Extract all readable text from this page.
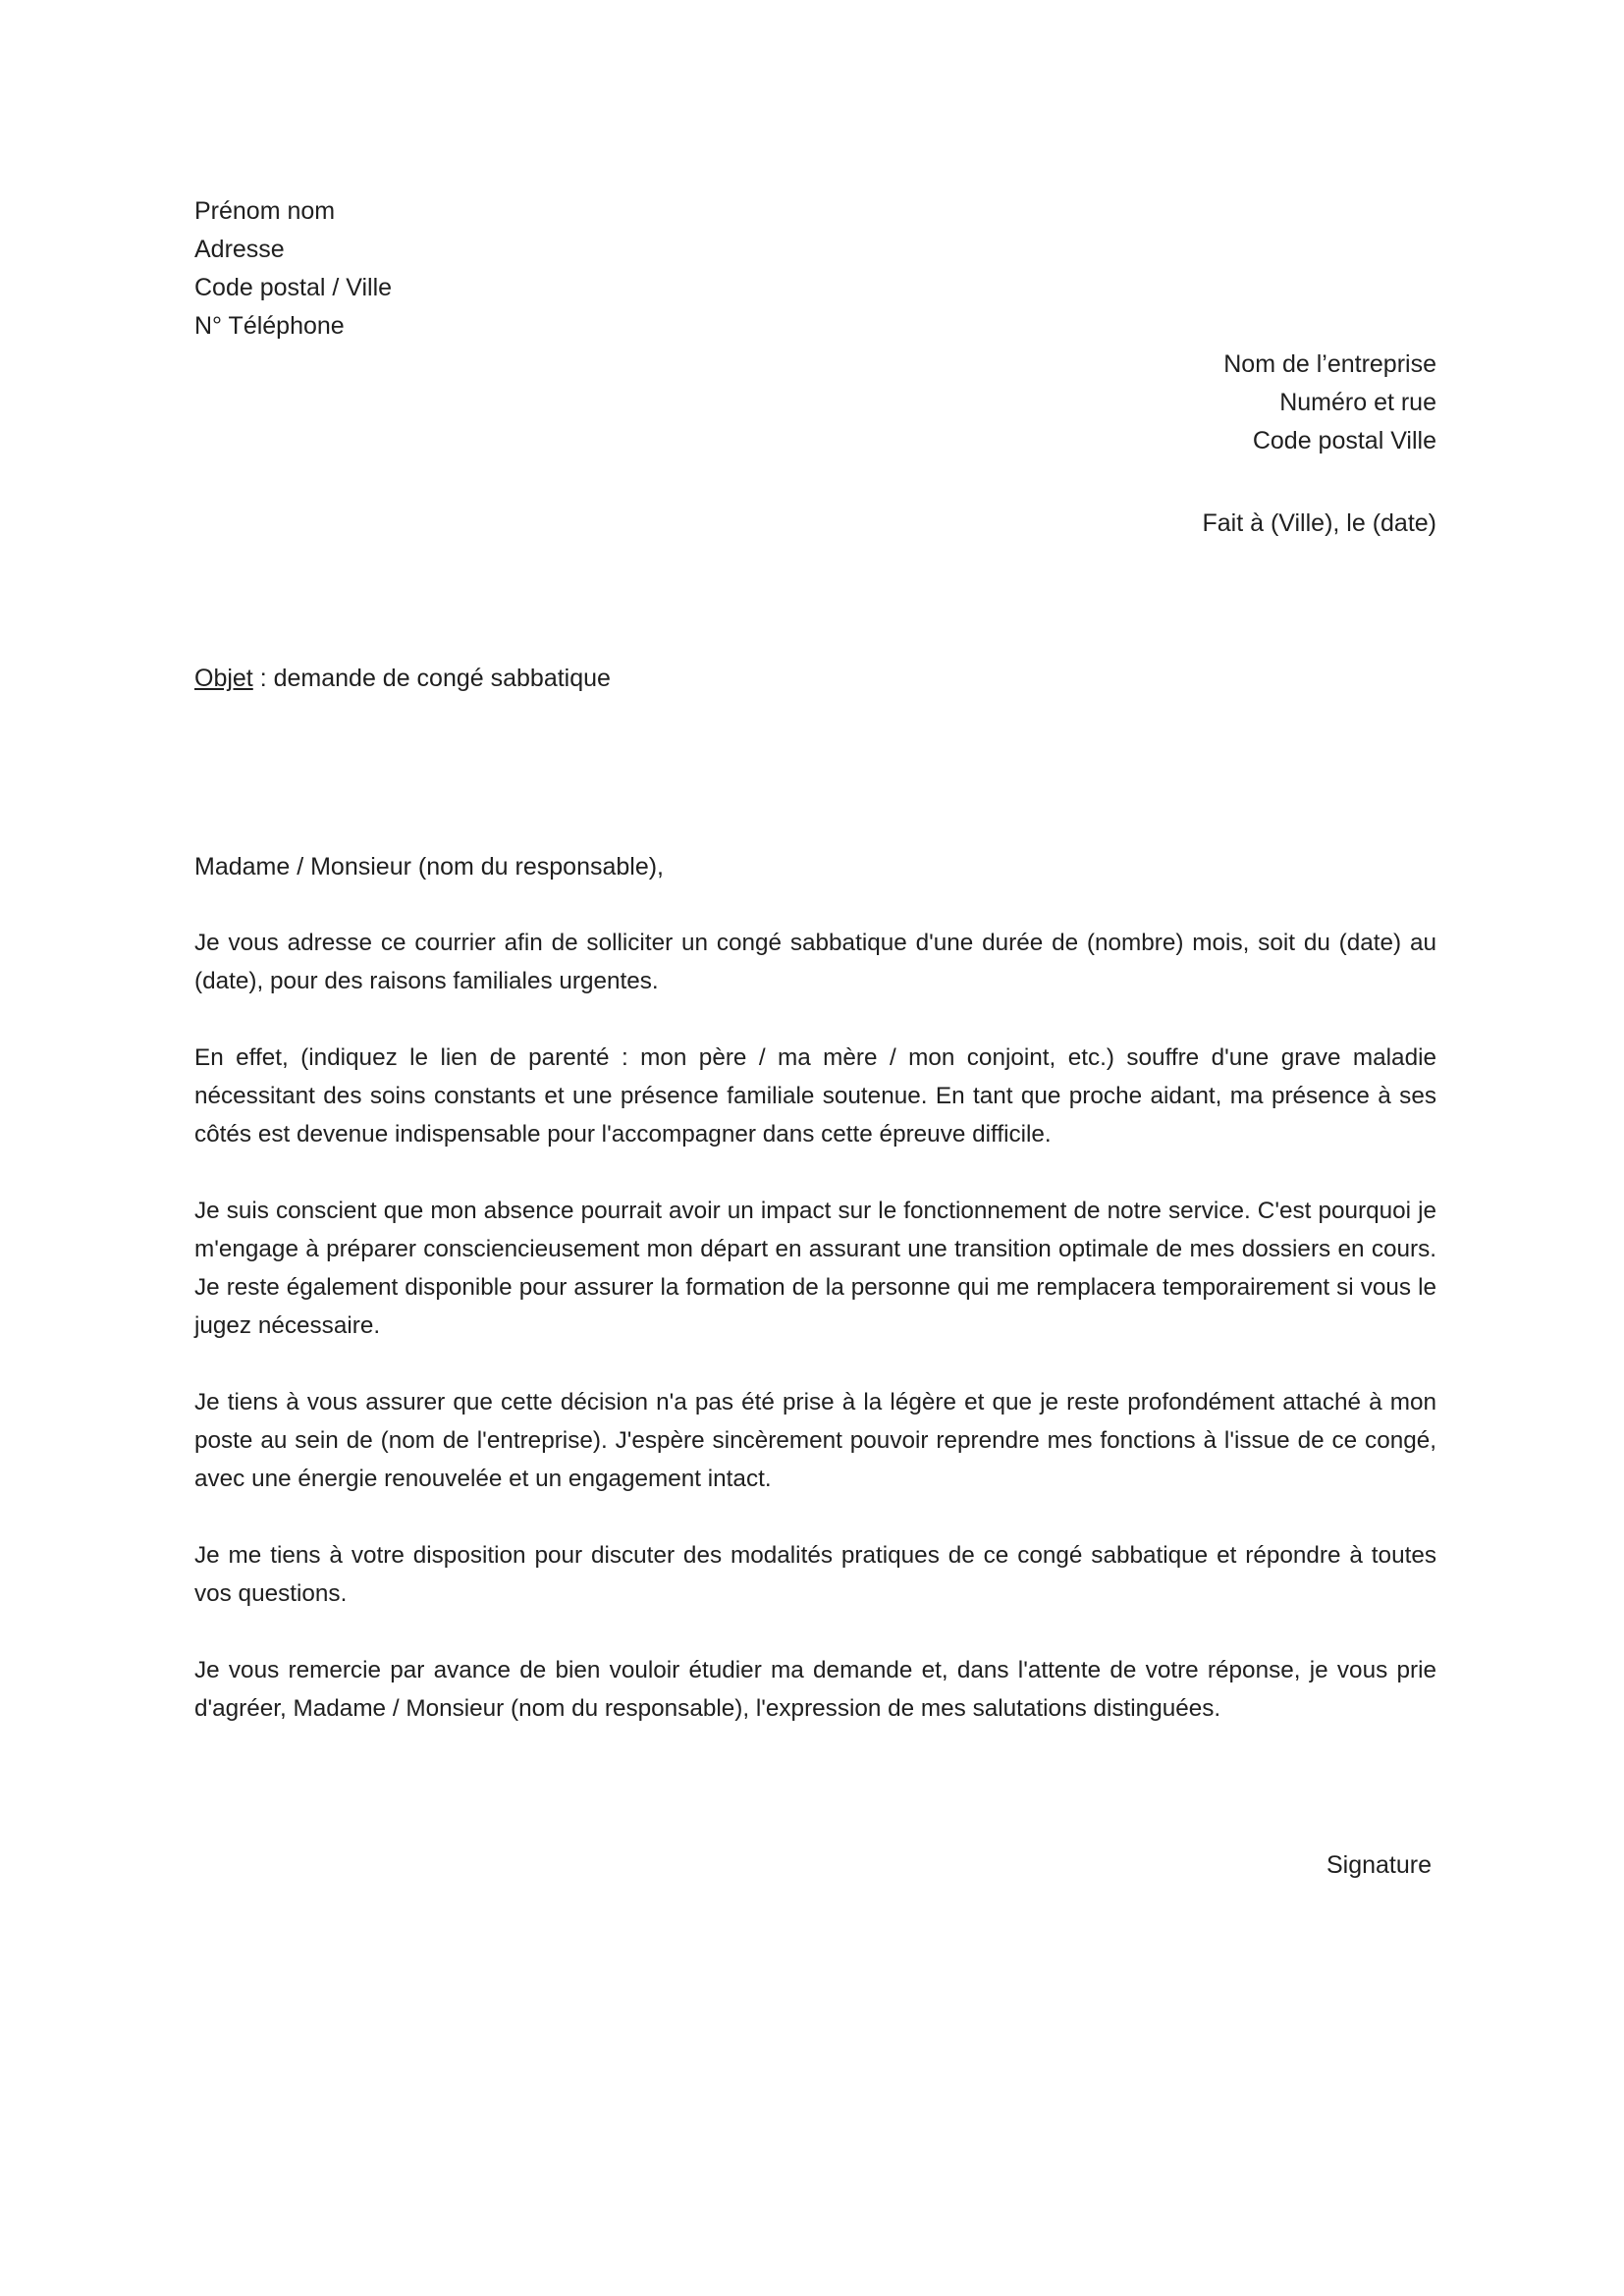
Prénom nom
Adresse
Code postal / Ville
N° Téléphone
Nom de l’entreprise
Numéro et rue
Code postal Ville
Fait à (Ville), le (date)
Objet : demande de congé sabbatique
Madame / Monsieur (nom du responsable),

Je vous adresse ce courrier afin de solliciter un congé sabbatique d'une durée de (nombre) mois, soit du (date) au (date), pour des raisons familiales urgentes.

En effet, (indiquez le lien de parenté : mon père / ma mère / mon conjoint, etc.) souffre d'une grave maladie nécessitant des soins constants et une présence familiale soutenue. En tant que proche aidant, ma présence à ses côtés est devenue indispensable pour l'accompagner dans cette épreuve difficile.

Je suis conscient que mon absence pourrait avoir un impact sur le fonctionnement de notre service. C'est pourquoi je m'engage à préparer consciencieusement mon départ en assurant une transition optimale de mes dossiers en cours. Je reste également disponible pour assurer la formation de la personne qui me remplacera temporairement si vous le jugez nécessaire.

Je tiens à vous assurer que cette décision n'a pas été prise à la légère et que je reste profondément attaché à mon poste au sein de (nom de l'entreprise). J'espère sincèrement pouvoir reprendre mes fonctions à l'issue de ce congé, avec une énergie renouvelée et un engagement intact.

Je me tiens à votre disposition pour discuter des modalités pratiques de ce congé sabbatique et répondre à toutes vos questions.

Je vous remercie par avance de bien vouloir étudier ma demande et, dans l'attente de votre réponse, je vous prie d'agréer, Madame / Monsieur (nom du responsable), l'expression de mes salutations distinguées.

Signature
